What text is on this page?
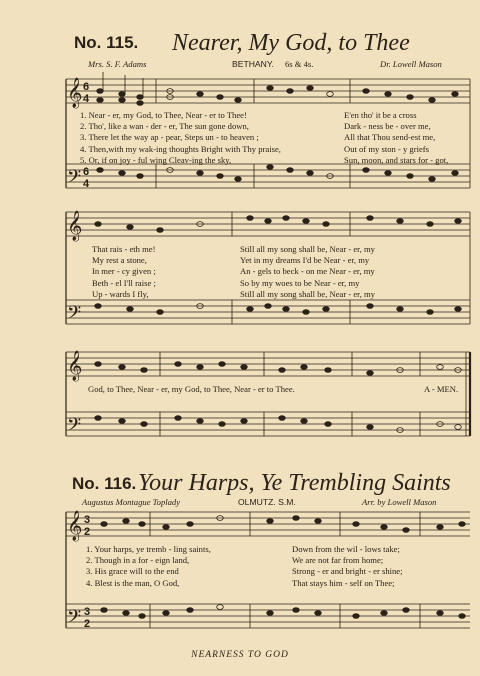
𝄞
𝄢
𝄞
𝄢
𝄞
𝄢
𝄞
𝄢
6
4
6
4
3
2
3
2
No. 115. Nearer, My God, to Thee
Mrs. S. F. Adams	BETHANY. 6s & 4s.	Dr. Lowell Mason
1. Near - er, my God, to Thee, Near - er to Thee!
2. Tho', like a wan - der - er, The sun gone down,
3. There let the way ap - pear, Steps un - to heaven ;
4. Then,with my wak-ing thoughts Bright with Thy praise,
5. Or, if on joy - ful wing Cleav-ing the sky,
E'en tho' it be a cross
Dark - ness be - over me,
All that Thou send-est me,
Out of my ston - y griefs
Sun, moon, and stars for - got,
That rais - eth me!
My rest a stone,
In mer - cy given ;
Beth - el I'll raise ;
Up - wards I fly,
Still all my song shall be, Near - er, my
Yet in my dreams I'd be Near - er, my
An - gels to beck - on me Near - er, my
So by my woes to be Near - er, my
Still all my song shall be, Near - er, my
God, to Thee, Near - er, my God, to Thee, Near - er to Thee.	A - MEN.
No. 116. Your Harps, Ye Trembling Saints
Augustus Montague Toplady	OLMUTZ. S.M.	Arr. by Lowell Mason
1. Your harps, ye tremb - ling saints,
2. Though in a for - eign land,
3. His grace will to the end
4. Blest is the man, O God,
Down from the wil - lows take;
We are not far from home;
Strong - er and bright - er shine;
That stays him - self on Thee;
NEARNESS TO GOD
